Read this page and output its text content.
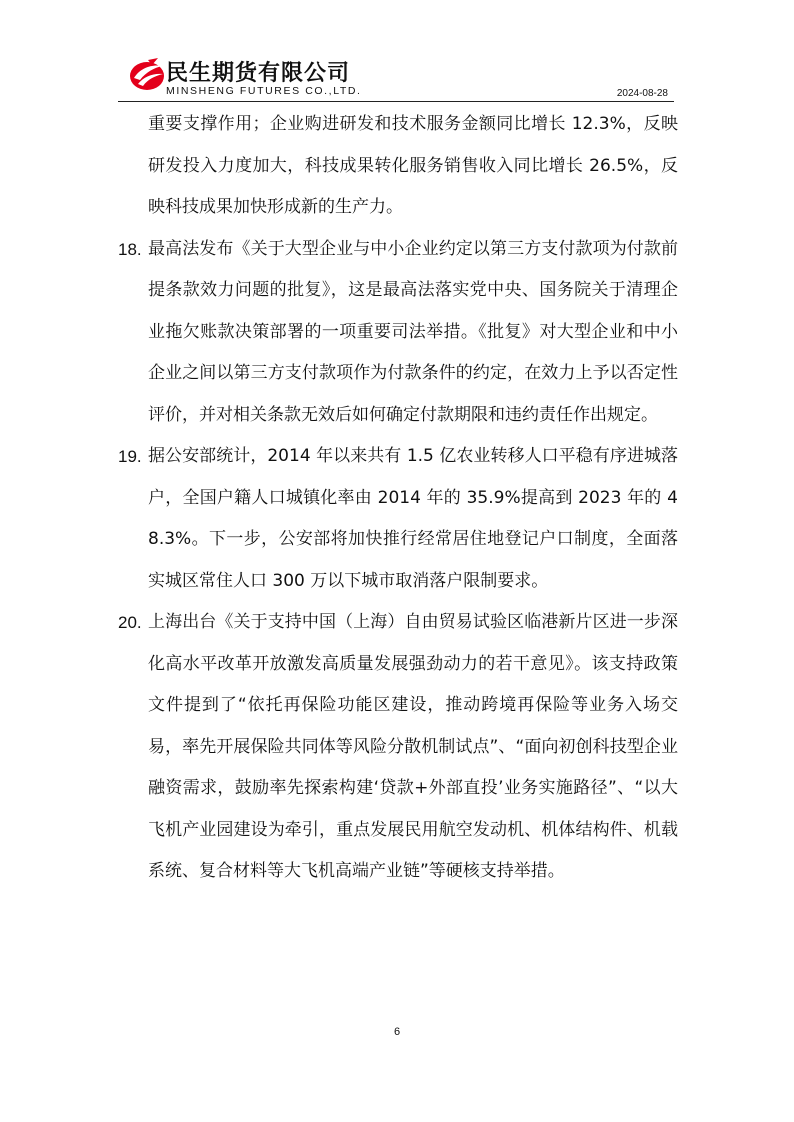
民生期货有限公司
MINSHENG FUTURES CO.,LTD.	2024-08-28
重要支撑作用；企业购进研发和技术服务金额同比增长 12.3%，反映研发投入力度加大，科技成果转化服务销售收入同比增长 26.5%，反映科技成果加快形成新的生产力。
18. 最高法发布《关于大型企业与中小企业约定以第三方支付款项为付款前提条款效力问题的批复》，这是最高法落实党中央、国务院关于清理企业拖欠账款决策部署的一项重要司法举措。《批复》对大型企业和中小企业之间以第三方支付款项作为付款条件的约定，在效力上予以否定性评价，并对相关条款无效后如何确定付款期限和违约责任作出规定。
19. 据公安部统计，2014 年以来共有 1.5 亿农业转移人口平稳有序进城落户，全国户籍人口城镇化率由 2014 年的 35.9%提高到 2023 年的 48.3%。下一步，公安部将加快推行经常居住地登记户口制度，全面落实城区常住人口 300 万以下城市取消落户限制要求。
20. 上海出台《关于支持中国（上海）自由贸易试验区临港新片区进一步深化高水平改革开放激发高质量发展强劲动力的若干意见》。该支持政策文件提到了“依托再保险功能区建设，推动跨境再保险等业务入场交易，率先开展保险共同体等风险分散机制试点”、“面向初创科技型企业融资需求，鼓励率先探索构建‘贷款+外部直投’业务实施路径”、“以大飞机产业园建设为牵引，重点发展民用航空发动机、机体结构件、机载系统、复合材料等大飞机高端产业链”等硬核支持举措。
6
